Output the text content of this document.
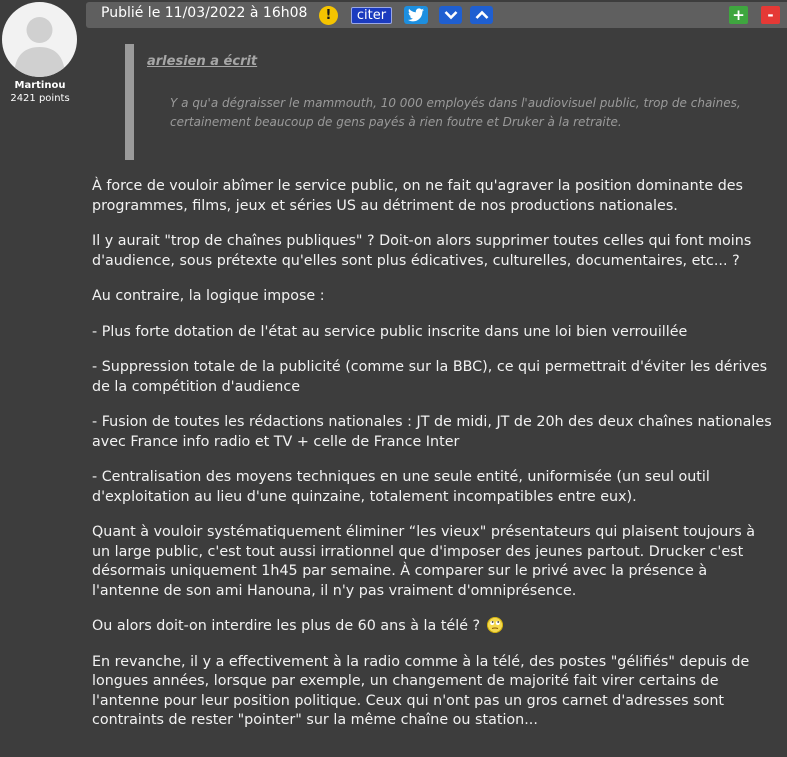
Martinou
2421 points
Publié le 11/03/2022 à 16h08 !	citer	+	-
arlesien a écrit
Y a qu'a dégraisser le mammouth, 10 000 employés dans l'audiovisuel public, trop de chaines, certainement beaucoup de gens payés à rien foutre et Druker à la retraite.

À force de vouloir abîmer le service public, on ne fait qu'agraver la position dominante des programmes, films, jeux et séries US au détriment de nos productions nationales.

Il y aurait "trop de chaînes publiques" ? Doit-on alors supprimer toutes celles qui font moins d'audience, sous prétexte qu'elles sont plus édicatives, culturelles, documentaires, etc... ?

Au contraire, la logique impose :

- Plus forte dotation de l'état au service public inscrite dans une loi bien verrouillée

- Suppression totale de la publicité (comme sur la BBC), ce qui permettrait d'éviter les dérives de la compétition d'audience

- Fusion de toutes les rédactions nationales : JT de midi, JT de 20h des deux chaînes nationales avec France info radio et TV + celle de France Inter

- Centralisation des moyens techniques en une seule entité, uniformisée (un seul outil d'exploitation au lieu d'une quinzaine, totalement incompatibles entre eux).

Quant à vouloir systématiquement éliminer “les vieux" présentateurs qui plaisent toujours à un large public, c'est tout aussi irrationnel que d'imposer des jeunes partout. Drucker c'est désormais uniquement 1h45 par semaine. À comparer sur le privé avec la présence à l'antenne de son ami Hanouna, il n'y pas vraiment d'omniprésence.

Ou alors doit-on interdire les plus de 60 ans à la télé ?

En revanche, il y a effectivement à la radio comme à la télé, des postes "gélifiés" depuis de longues années, lorsque par exemple, un changement de majorité fait virer certains de l'antenne pour leur position politique. Ceux qui n'ont pas un gros carnet d'adresses sont contraints de rester "pointer" sur la même chaîne ou station...
